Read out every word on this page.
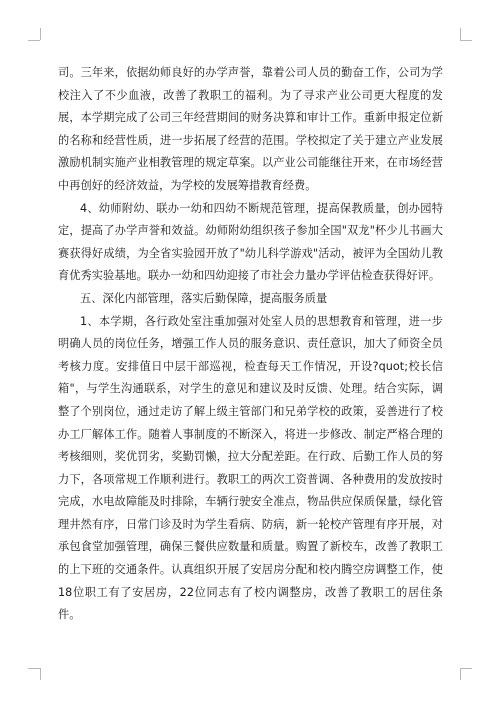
司。三年来，依据幼师良好的办学声誉，靠着公司人员的勤奋工作，公司为学校注入了不少血液，改善了教职工的福利。为了寻求产业公司更大程度的发展，本学期完成了公司三年经营期间的财务决算和审计工作。重新申报定位新的名称和经营性质，进一步拓展了经营的范围。学校拟定了关于建立产业发展激励机制实施产业相教管理的规定草案。以产业公司能继往开来，在市场经营中再创好的经济效益，为学校的发展筹措教育经费。

4、幼师附幼、联办一幼和四幼不断规范管理，提高保教质量，创办园特定，提高了办学声誉和效益。幼师附幼组织孩子参加全国"双龙"杯少儿书画大赛获得好成绩，为全省实验园开放了"幼儿科学游戏"活动，被评为全国幼儿教育优秀实验基地。联办一幼和四幼迎接了市社会力量办学评估检查获得好评。

五、深化内部管理，落实后勤保障，提高服务质量

1、本学期，各行政处室注重加强对处室人员的思想教育和管理，进一步明确人员的岗位任务，增强工作人员的服务意识、责任意识，加大了师资全员考核力度。安排值日中层干部巡视，检查每天工作情况，开设?quot;校长信箱"，与学生沟通联系，对学生的意见和建议及时反馈、处理。结合实际，调整了个别岗位，通过走访了解上级主管部门和兄弟学校的政策，妥善进行了校办工厂解体工作。随着人事制度的不断深入，将进一步修改、制定严格合理的考核细则，奖优罚劣，奖勤罚懒，拉大分配差距。在行政、后勤工作人员的努力下，各项常规工作顺利进行。教职工的两次工资普调、各种费用的发放按时完成，水电故障能及时排除，车辆行驶安全准点，物品供应保质保量，绿化管理井然有序，日常门诊及时为学生看病、防病，新一轮校产管理有序开展，对承包食堂加强管理，确保三餐供应数量和质量。购置了新校车，改善了教职工的上下班的交通条件。认真组织开展了安居房分配和校内腾空房调整工作，使18位职工有了安居房，22位同志有了校内调整房，改善了教职工的居住条件。
